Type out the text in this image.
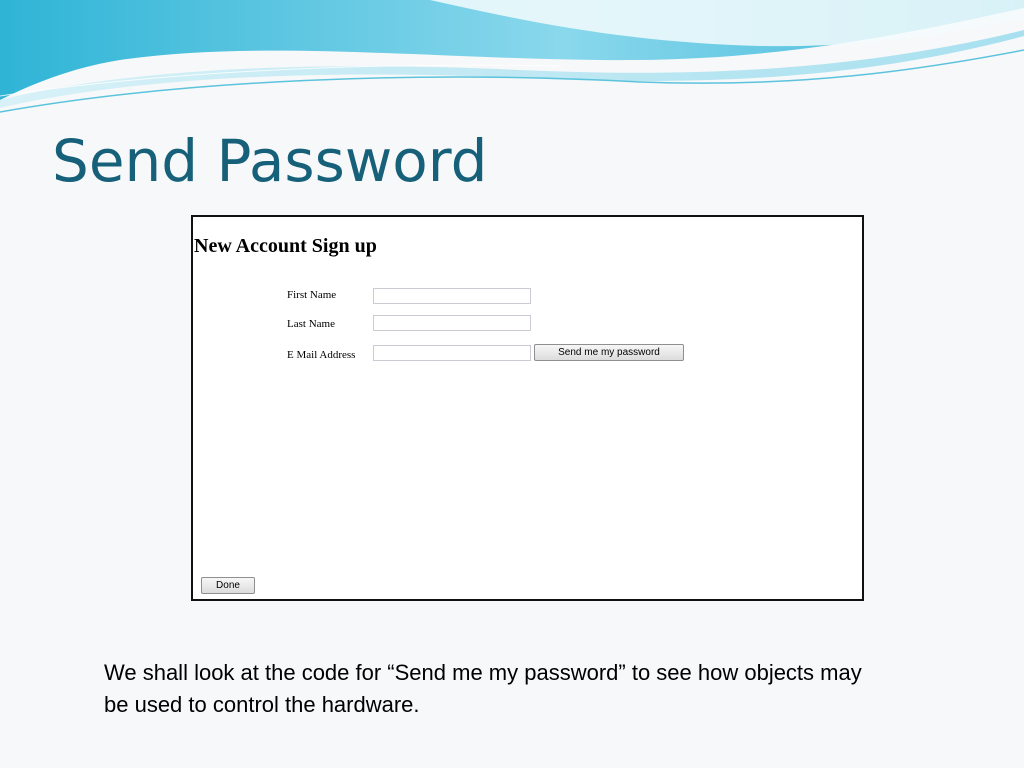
Send Password
New Account Sign up
First Name
Last Name
E Mail Address	Send me my password
Done

We shall look at the code for “Send me my password” to see how objects may be used to control the hardware.
